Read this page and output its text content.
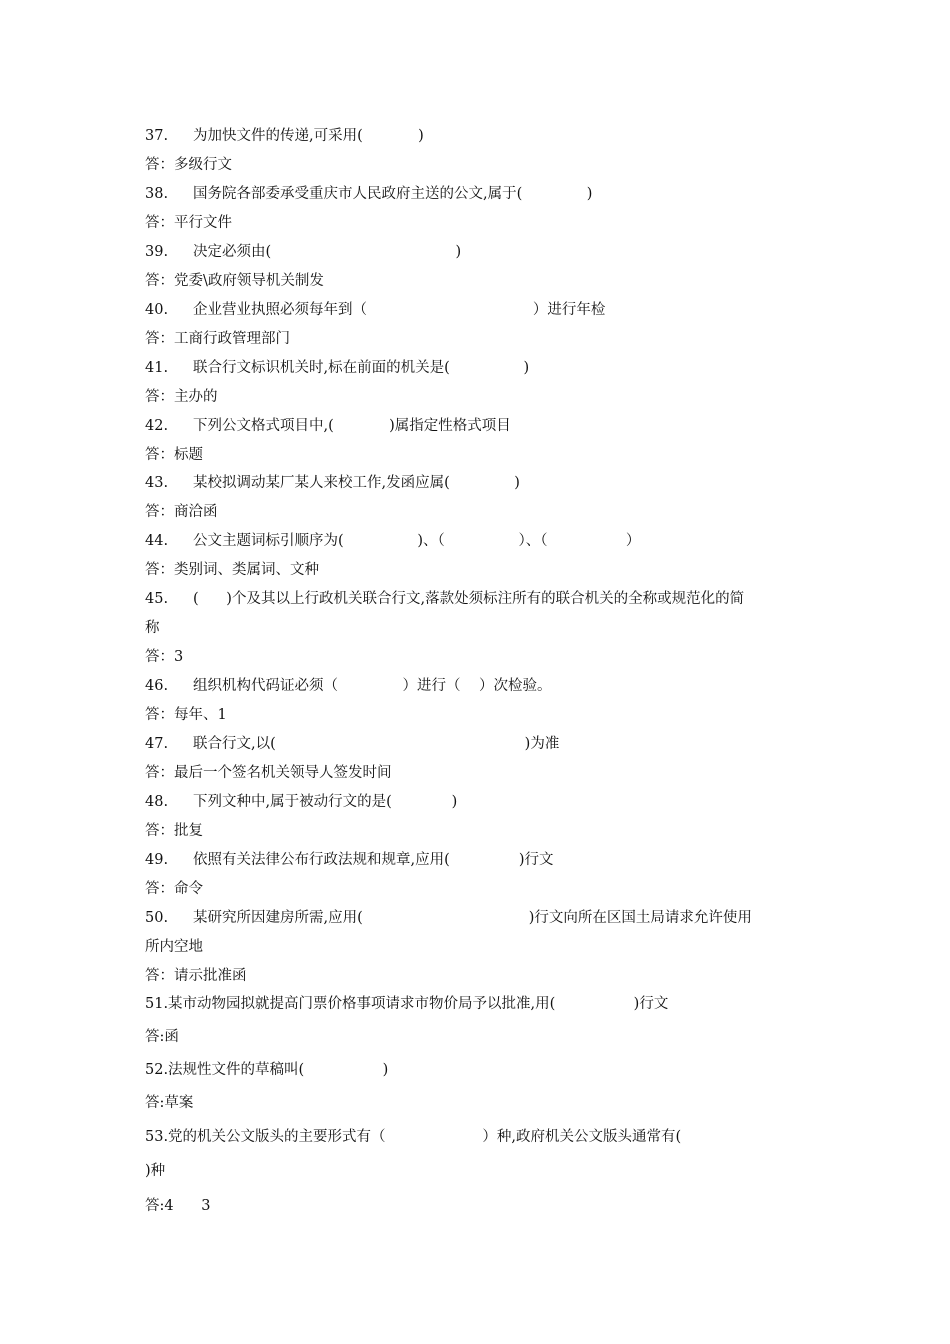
37. 为加快文件的传递,可采用(            )
答：多级行文
38. 国务院各部委承受重庆市人民政府主送的公文,属于(              )
答：平行文件
39. 决定必须由(                                        )
答：党委\政府领导机关制发
40. 企业营业执照必须每年到（                                    ）进行年检
答：工商行政管理部门
41. 联合行文标识机关时,标在前面的机关是(                )
答：主办的
42. 下列公文格式项目中,(            )属指定性格式项目
答：标题
43. 某校拟调动某厂某人来校工作,发函应属(              )
答：商洽函
44. 公文主题词标引顺序为(                )、（                ）、（                 ）
答：类别词、类属词、文种
45. (      )个及其以上行政机关联合行文,落款处须标注所有的联合机关的全称或规范化的简
称
答：3
46. 组织机构代码证必须（              ）进行（    ）次检验。
答：每年、1
47. 联合行文,以(                                                      )为准
答：最后一个签名机关领导人签发时间
48. 下列文种中,属于被动行文的是(             )
答：批复
49. 依照有关法律公布行政法规和规章,应用(               )行文
答：命令
50. 某研究所因建房所需,应用(                                    )行文向所在区国土局请求允许使用
所内空地
答：请示批准函
51.某市动物园拟就提高门票价格事项请求市物价局予以批准,用(                 )行文
答:函
52.法规性文件的草稿叫(                 )
答:草案
53.党的机关公文版头的主要形式有（                     ）种,政府机关公文版头通常有(
)种
答:4      3
